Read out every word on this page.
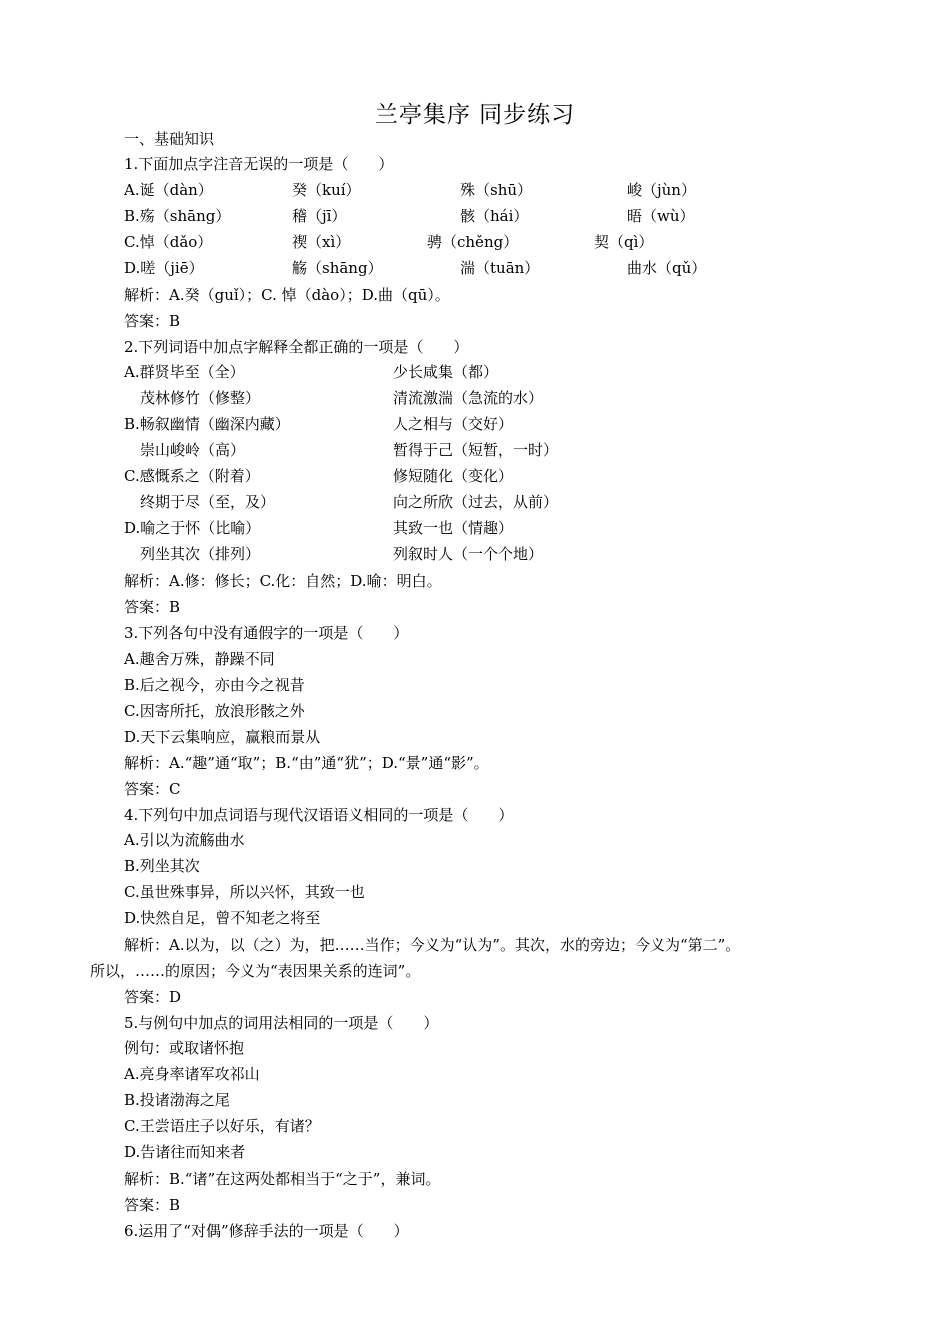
兰亭集序 同步练习
一、基础知识
1.下面加点字注音无误的一项是（　　）
A.诞（dàn）	癸（kuí）	殊（shū）	峻（jùn）
B.殇（shāng）	稽（jī）	骸（hái）	晤（wù）
C.悼（dǎo）	禊（xì）	骋（chěng）	契（qì）
D.嗟（jiē）	觞（shāng）	湍（tuān）	曲水（qǔ）
解析：A.癸（guǐ）；C. 悼（dào）；D.曲（qū）。
答案：B
2.下列词语中加点字解释全都正确的一项是（　　）
A.群贤毕至（全）	少长咸集（都）
茂林修竹（修整）	清流激湍（急流的水）
B.畅叙幽情（幽深内藏）	人之相与（交好）
崇山峻岭（高）	暂得于己（短暂，一时）
C.感慨系之（附着）	修短随化（变化）
终期于尽（至，及）	向之所欣（过去，从前）
D.喻之于怀（比喻）	其致一也（情趣）
列坐其次（排列）	列叙时人（一个个地）
解析：A.修：修长；C.化：自然；D.喻：明白。
答案：B
3.下列各句中没有通假字的一项是（　　）
A.趣舍万殊，静躁不同
B.后之视今，亦由今之视昔
C.因寄所托，放浪形骸之外
D.天下云集响应，赢粮而景从
解析：A.“趣”通“取”；B.“由”通“犹”；D.“景”通“影”。
答案：C
4.下列句中加点词语与现代汉语语义相同的一项是（　　）
A.引以为流觞曲水
B.列坐其次
C.虽世殊事异，所以兴怀，其致一也
D.快然自足，曾不知老之将至
解析：A.以为，以（之）为，把……当作；今义为“认为”。其次，水的旁边；今义为“第二”。
所以，……的原因；今义为“表因果关系的连词”。
答案：D
5.与例句中加点的词用法相同的一项是（　　）
例句：或取诸怀抱
A.亮身率诸军攻祁山
B.投诸渤海之尾
C.王尝语庄子以好乐，有诸？
D.告诸往而知来者
解析：B.“诸”在这两处都相当于“之于”，兼词。
答案：B
6.运用了“对偶”修辞手法的一项是（　　）
